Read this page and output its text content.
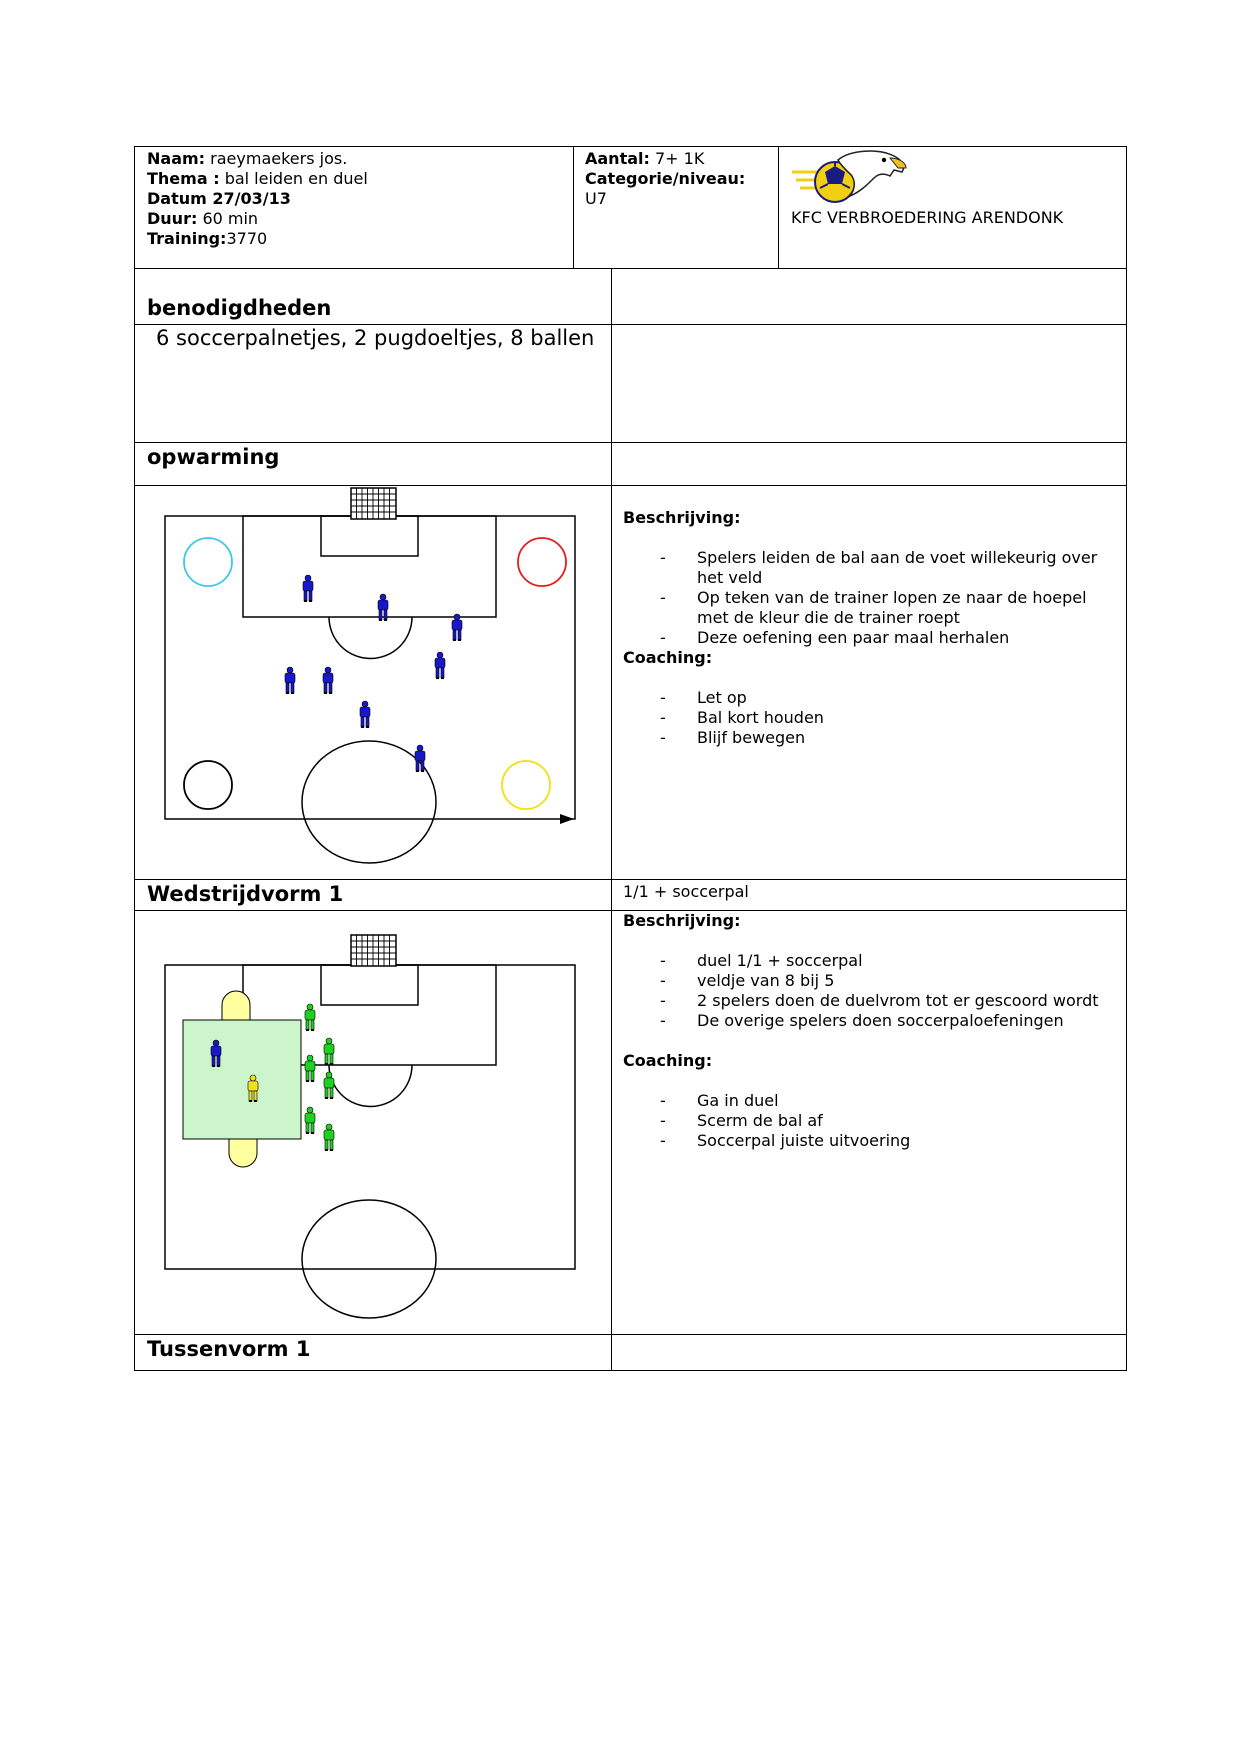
Naam: raeymaekers jos.
Thema : bal leiden en duel
Datum 27/03/13
Duur: 60 min
Training:3770
Aantal: 7+ 1K
Categorie/niveau:
U7
KFC VERBROEDERING ARENDONK
benodigdheden
6 soccerpalnetjes, 2 pugdoeltjes, 8 ballen
opwarming
Beschrijving:
- Spelers leiden de bal aan de voet willekeurig over het veld
- Op teken van de trainer lopen ze naar de hoepel met de kleur die de trainer roept
- Deze oefening een paar maal herhalen
Coaching:
- Let op
- Bal kort houden
- Blijf bewegen
Wedstrijdvorm 1	1/1 + soccerpal
Beschrijving:
- duel 1/1 + soccerpal
- veldje van 8 bij 5
- 2 spelers doen de duelvrom tot er gescoord wordt
- De overige spelers doen soccerpaloefeningen
Coaching:
- Ga in duel
- Scerm de bal af
- Soccerpal juiste uitvoering
Tussenvorm 1
